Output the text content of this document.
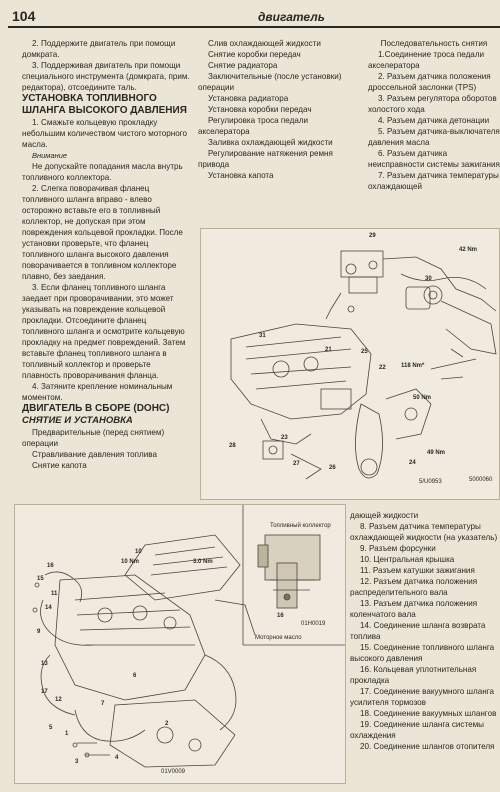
104	двигатель

2. Поддержите двигатель при помощи домкрата.

3. Поддерживая двигатель при помощи специального инструмента (домкрата, прим. редактора), отсоедините таль.

УСТАНОВКА ТОПЛИВНОГО ШЛАНГА ВЫСОКОГО ДАВЛЕНИЯ

1. Смажьте кольцевую прокладку небольшим количеством чистого моторного масла.

Внимание

Не допускайте попадания масла внутрь топливного коллектора.

2. Слегка поворачивая фланец топливного шланга вправо - влево осторожно вставьте его в топливный коллектор, не допуская при этом повреждения кольцевой прокладки. После установки проверьте, что фланец топливного шланга высокого давления поворачивается в топливном коллекторе плавно, без заедания.

3. Если фланец топливного шланга заедает при проворачивании, это может указывать на повреждение кольцевой прокладки. Отсоедините фланец топливного шланга и осмотрите кольцевую прокладку на предмет повреждений. Затем вставьте фланец топливного шланга в топливный коллектор и проверьте плавность проворачивания фланца.

4. Затяните крепление номинальным моментом.

ДВИГАТЕЛЬ В СБОРЕ (DOHC)

СНЯТИЕ И УСТАНОВКА

Предварительные (перед снятием) операции

Стравливание давления топлива

Снятие капота

Слив охлаждающей жидкости

Снятие коробки передач

Снятие радиатора

Заключительные (после установки) операции

Установка радиатора

Установка коробки передач

Регулировка троса педали акселератора

Заливка охлаждающей жидкости

Регулирование натяжения ремня привода

Установка капота

Последовательность снятия

1.Соединение троса педали акселератора

2. Разъем датчика положения дроссельной заслонки (TPS)

3. Разъем регулятора оборотов холостого хода

4. Разъем датчика детонации

5. Разъем датчика-выключателя давления масла

6. Разъем датчика неисправности системы зажигания

7. Разъем датчика температуры охлаждающей

29
31
21	25
22
27
28
30
24
23
26
50 Nm
49 Nm
118 Nm*
42 Nm
5/U0953	5000060
16
15
11
10 Nm	3.0 Nm
14
9
10
13
17
12
5
7
6
1
2
3
4
01V0009
Топливный коллектор
Моторное масло
16
01H0019

дающей жидкости

8. Разъем датчика температуры охлаждающей жидкости (на указатель)

9. Разъем форсунки

10. Центральная крышка

11. Разъем катушки зажигания

12. Разъем датчика положения распределительного вала

13. Разъем датчика положения коленчатого вала

14. Соединение шланга возврата топлива

15. Соединение топливного шланга высокого давления

16. Кольцевая уплотнительная прокладка

17. Соединение вакуумного шланга усилителя тормозов

18. Соединение вакуумных шлангов

19. Соединение шланга системы охлаждения

20. Соединение шлангов отопителя
